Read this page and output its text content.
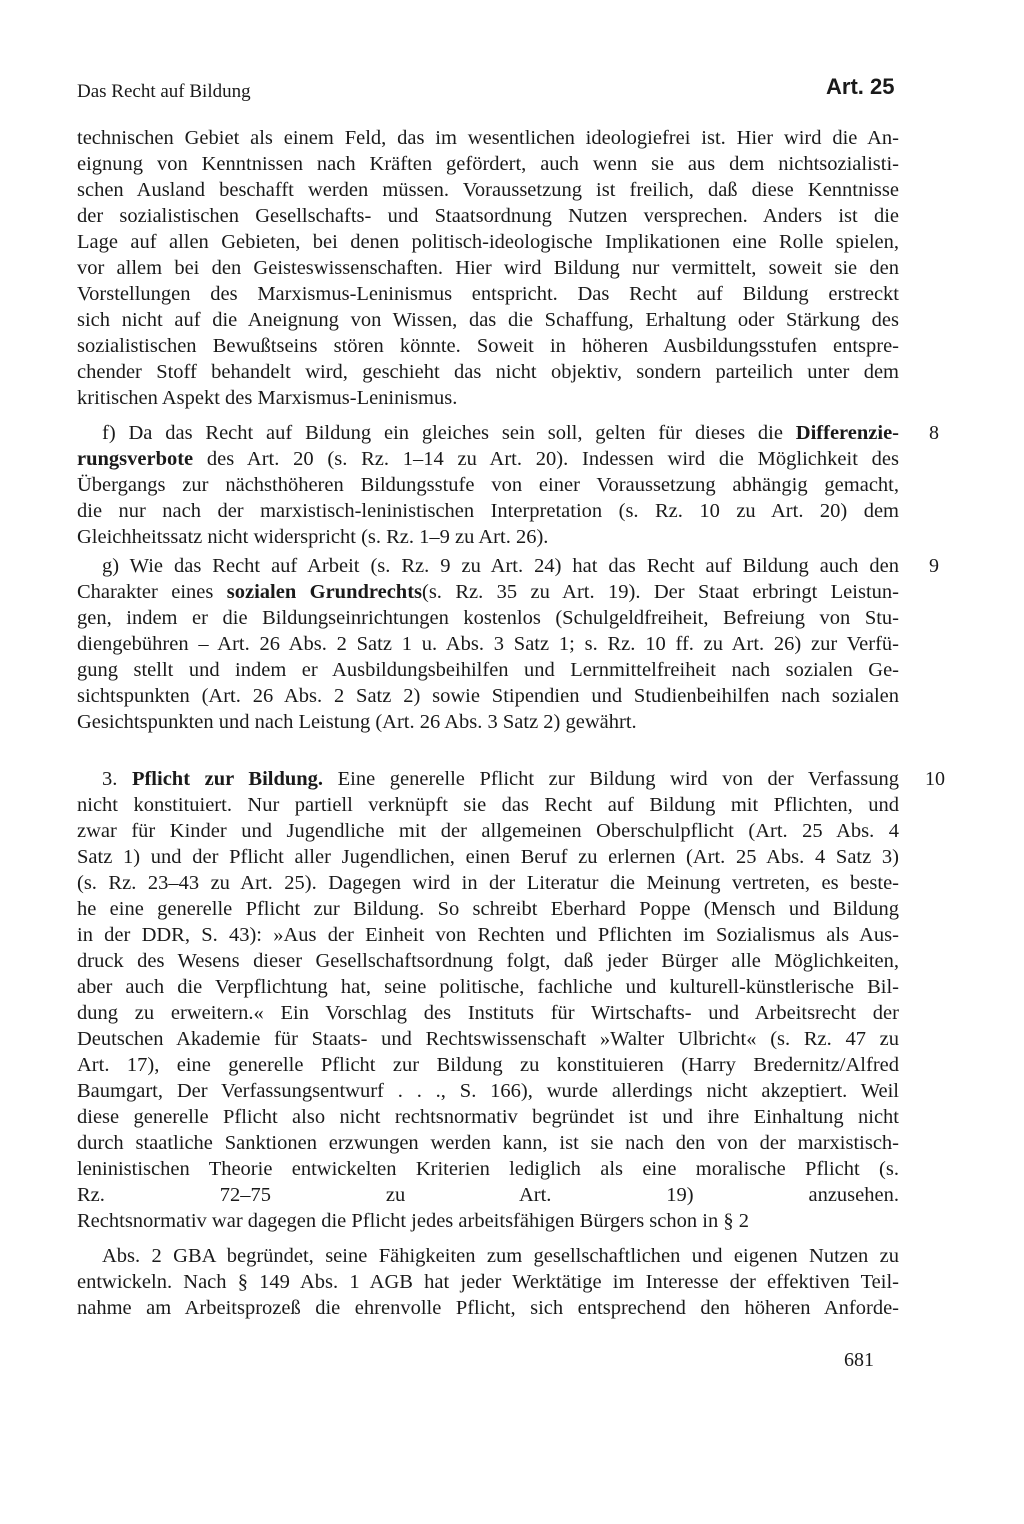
Das Recht auf Bildung	Art. 25
technischen Gebiet als einem Feld, das im wesentlichen ideologiefrei ist. Hier wird die An-
eignung von Kenntnissen nach Kräften gefördert, auch wenn sie aus dem nichtsozialisti-
schen Ausland beschafft werden müssen. Voraussetzung ist freilich, daß diese Kenntnisse
der sozialistischen Gesellschafts- und Staatsordnung Nutzen versprechen. Anders ist die
Lage auf allen Gebieten, bei denen politisch-ideologische Implikationen eine Rolle spielen,
vor allem bei den Geisteswissenschaften. Hier wird Bildung nur vermittelt, soweit sie den
Vorstellungen des Marxismus-Leninismus entspricht. Das Recht auf Bildung erstreckt
sich nicht auf die Aneignung von Wissen, das die Schaffung, Erhaltung oder Stärkung des
sozialistischen Bewußtseins stören könnte. Soweit in höheren Ausbildungsstufen entspre-
chender Stoff behandelt wird, geschieht das nicht objektiv, sondern parteilich unter dem
kritischen Aspekt des Marxismus-Leninismus.
f) Da das Recht auf Bildung ein gleiches sein soll, gelten für dieses die Differenzie-
rungsverbote des Art. 20 (s. Rz. 1–14 zu Art. 20). Indessen wird die Möglichkeit des
Übergangs zur nächsthöheren Bildungsstufe von einer Voraussetzung abhängig gemacht,
die nur nach der marxistisch-leninistischen Interpretation (s. Rz. 10 zu Art. 20) dem
Gleichheitssatz nicht widerspricht (s. Rz. 1–9 zu Art. 26).
g) Wie das Recht auf Arbeit (s. Rz. 9 zu Art. 24) hat das Recht auf Bildung auch den
Charakter eines sozialen Grundrechts(s. Rz. 35 zu Art. 19). Der Staat erbringt Leistun-
gen, indem er die Bildungseinrichtungen kostenlos (Schulgeldfreiheit, Befreiung von Stu-
diengebühren – Art. 26 Abs. 2 Satz 1 u. Abs. 3 Satz 1; s. Rz. 10 ff. zu Art. 26) zur Verfü-
gung stellt und indem er Ausbildungsbeihilfen und Lernmittelfreiheit nach sozialen Ge-
sichtspunkten (Art. 26 Abs. 2 Satz 2) sowie Stipendien und Studienbeihilfen nach sozialen
Gesichtspunkten und nach Leistung (Art. 26 Abs. 3 Satz 2) gewährt.
3. Pflicht zur Bildung. Eine generelle Pflicht zur Bildung wird von der Verfassung
nicht konstituiert. Nur partiell verknüpft sie das Recht auf Bildung mit Pflichten, und
zwar für Kinder und Jugendliche mit der allgemeinen Oberschulpflicht (Art. 25 Abs. 4
Satz 1) und der Pflicht aller Jugendlichen, einen Beruf zu erlernen (Art. 25 Abs. 4 Satz 3)
(s. Rz. 23–43 zu Art. 25). Dagegen wird in der Literatur die Meinung vertreten, es beste-
he eine generelle Pflicht zur Bildung. So schreibt Eberhard Poppe (Mensch und Bildung
in der DDR, S. 43): »Aus der Einheit von Rechten und Pflichten im Sozialismus als Aus-
druck des Wesens dieser Gesellschaftsordnung folgt, daß jeder Bürger alle Möglichkeiten,
aber auch die Verpflichtung hat, seine politische, fachliche und kulturell-künstlerische Bil-
dung zu erweitern.« Ein Vorschlag des Instituts für Wirtschafts- und Arbeitsrecht der
Deutschen Akademie für Staats- und Rechtswissenschaft »Walter Ulbricht« (s. Rz. 47 zu
Art. 17), eine generelle Pflicht zur Bildung zu konstituieren (Harry Bredernitz/Alfred
Baumgart, Der Verfassungsentwurf . . ., S. 166), wurde allerdings nicht akzeptiert. Weil
diese generelle Pflicht also nicht rechtsnormativ begründet ist und ihre Einhaltung nicht
durch staatliche Sanktionen erzwungen werden kann, ist sie nach den von der marxistisch-
leninistischen Theorie entwickelten Kriterien lediglich als eine moralische Pflicht (s.
Rz. 72–75 zu Art. 19) anzusehen.
Rechtsnormativ war dagegen die Pflicht jedes arbeitsfähigen Bürgers schon in § 2
Abs. 2 GBA begründet, seine Fähigkeiten zum gesellschaftlichen und eigenen Nutzen zu
entwickeln. Nach § 149 Abs. 1 AGB hat jeder Werktätige im Interesse der effektiven Teil-
nahme am Arbeitsprozeß die ehrenvolle Pflicht, sich entsprechend den höheren Anforde-
8
9
10
681
